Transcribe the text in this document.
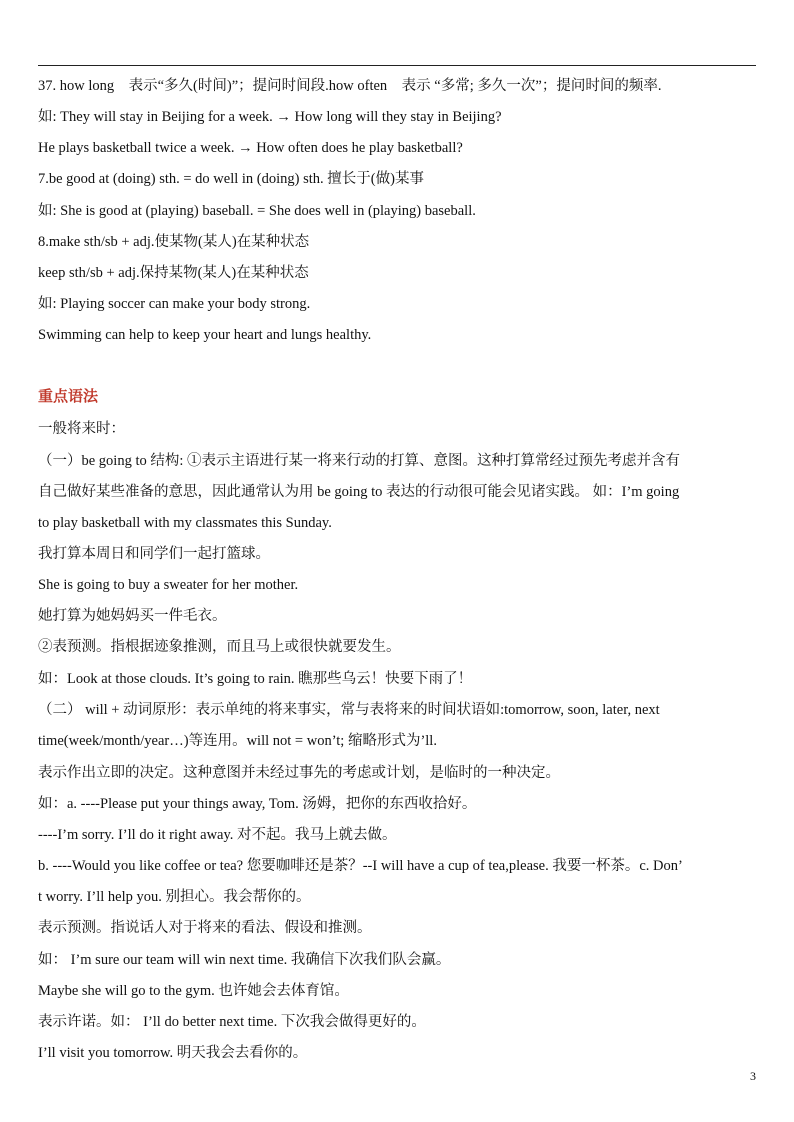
37. how long　表示“多久(时间)”；提问时间段.how often　表示 “多常; 多久一次”；提问时间的频率.
如: They will stay in Beijing for a week. → How long will they stay in Beijing?
He plays basketball twice a week. → How often does he play basketball?
7.be good at (doing) sth. = do well in (doing) sth. 擅长于(做)某事
如: She is good at (playing) baseball. = She does well in (playing) baseball.
8.make sth/sb + adj.使某物(某人)在某种状态
keep sth/sb + adj.保持某物(某人)在某种状态
如: Playing soccer can make your body strong.
Swimming can help to keep your heart and lungs healthy.
重点语法
一般将来时：
（一）be going to 结构: ①表示主语进行某一将来行动的打算、意图。这种打算常经过预先考虑并含有
自己做好某些准备的意思，因此通常认为用 be going to 表达的行动很可能会见诸实践。 如：I’m going
to play basketball with my classmates this Sunday.
我打算本周日和同学们一起打篮球。
She is going to buy a sweater for her mother.
她打算为她妈妈买一件毛衣。
②表预测。指根据迹象推测，而且马上或很快就要发生。
如：Look at those clouds. It’s going to rain. 瞧那些乌云！快要下雨了！
（二） will + 动词原形：表示单纯的将来事实，常与表将来的时间状语如:tomorrow, soon, later, next
time(week/month/year…)等连用。will not = won’t; 缩略形式为’ll.
表示作出立即的决定。这种意图并未经过事先的考虑或计划，是临时的一种决定。
如：a. ----Please put your things away, Tom. 汤姆，把你的东西收拾好。
----I’m sorry. I’ll do it right away. 对不起。我马上就去做。
b. ----Would you like coffee or tea? 您要咖啡还是茶？--I will have a cup of tea,please. 我要一杯茶。c. Don’
t worry. I’ll help you. 别担心。我会帮你的。
表示预测。指说话人对于将来的看法、假设和推测。
如： I’m sure our team will win next time. 我确信下次我们队会赢。
Maybe she will go to the gym. 也许她会去体育馆。
表示许诺。如： I’ll do better next time. 下次我会做得更好的。
I’ll visit you tomorrow. 明天我会去看你的。
3
